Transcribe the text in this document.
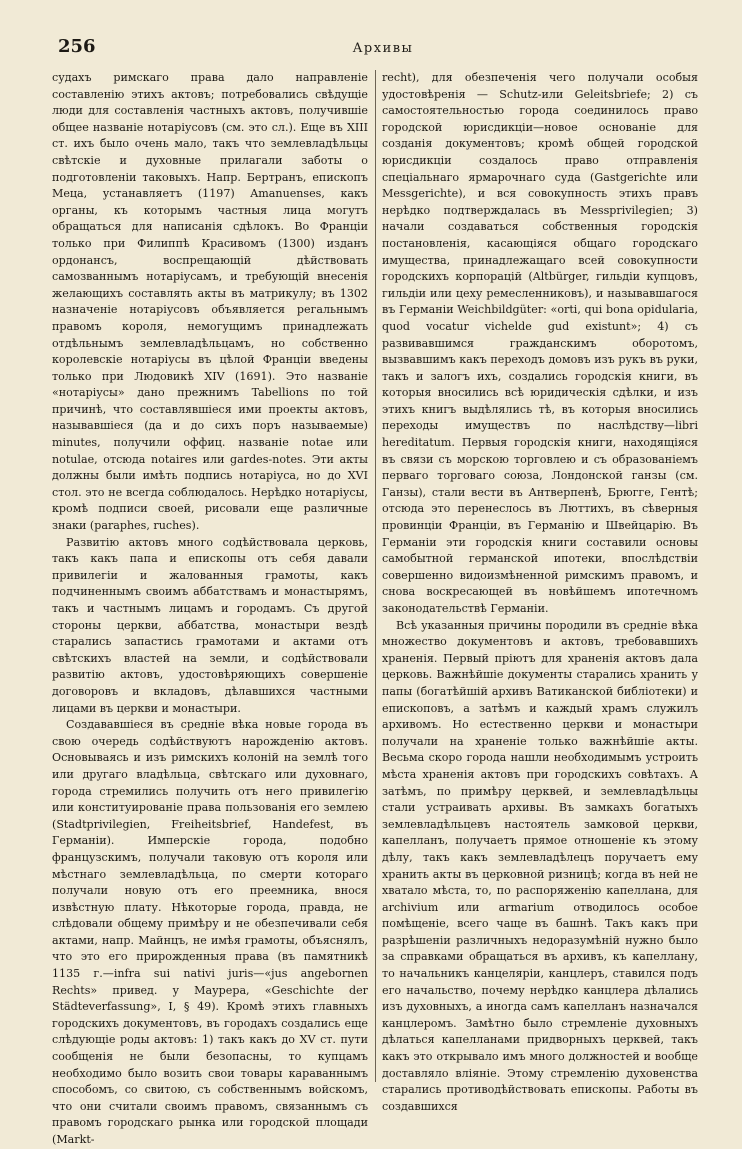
256	Архивы

судахъ римскаго права дало направленіе составленію этихъ актовъ; потребовались свѣдущіе люди для составленія частныхъ актовъ, получившіе общее названіе нотаріусовъ (см. это сл.). Еще въ XIII ст. ихъ было очень мало, такъ что землевладѣльцы свѣтскіе и духовные прилагали заботы о подготовленіи таковыхъ. Напр. Бертранъ, епископъ Меца, устанавляетъ (1197) Amanuenses, какъ органы, къ которымъ частныя лица могутъ обращаться для написанія сдѣлокъ. Во Франціи только при Филиппѣ Красивомъ (1300) изданъ ордонансъ, воспрещающій дѣйствовать самозваннымъ нотаріусамъ, и требующій внесенія желающихъ составлять акты въ матрикулу; въ 1302 назначеніе нотаріусовъ объявляется регальнымъ правомъ короля, немогущимъ принадлежать отдѣльнымъ землевладѣльцамъ, но собственно королевскіе нотаріусы въ цѣлой Франціи введены только при Людовикѣ XIV (1691). Это названіе «нотаріусы» дано прежнимъ Tabellions по той причинѣ, что составлявшіеся ими проекты актовъ, называвшіеся (да и до сихъ поръ называемые) minutes, получили оффиц. названіе notae или notulae, отсюда notaires или gardes-notes. Эти акты должны были имѣть подпись нотаріуса, но до XVI стол. это не всегда соблюдалось. Нерѣдко нотаріусы, кромѣ подписи своей, рисовали еще различные знаки (paraphes, ruches).

Развитію актовъ много содѣйствовала церковь, такъ какъ папа и епископы отъ себя давали привилегіи и жалованныя грамоты, какъ подчиненнымъ своимъ аббатствамъ и монастырямъ, такъ и частнымъ лицамъ и городамъ. Съ другой стороны церкви, аббатства, монастыри вездѣ старались запастись грамотами и актами отъ свѣтскихъ властей на земли, и содѣйствовали развитію актовъ, удостовѣряющихъ совершеніе договоровъ и вкладовъ, дѣлавшихся частными лицами въ церкви и монастыри.

Создававшіеся въ средніе вѣка новые города въ свою очередь содѣйствуютъ нарожденію актовъ. Основываясь и изъ римскихъ колоній на землѣ того или другаго владѣльца, свѣтскаго или духовнаго, города стремились получить отъ него привилегію или конституированіе права пользованія его землею (Stadtprivilegien, Freiheitsbrief, Handefest, въ Германіи). Имперскіе города, подобно французскимъ, получали таковую отъ короля или мѣстнаго землевладѣльца, по смерти котораго получали новую отъ его преемника, внося извѣстную плату. Нѣкоторые города, правда, не слѣдовали общему примѣру и не обезпечивали себя актами, напр. Майнцъ, не имѣя грамоты, объяснялъ, что это его прирожденныя права (въ памятникѣ 1135 г.—infra sui nativi juris—«jus angebornen Rechts» привед. у Маурера, «Geschichte der Städteverfassung», I, § 49). Кромѣ этихъ главныхъ городскихъ документовъ, въ городахъ создались еще слѣдующіе роды актовъ: 1) такъ какъ до XV ст. пути сообщенія не были безопасны, то купцамъ необходимо было возить свои товары караваннымъ способомъ, со свитою, съ собственнымъ войскомъ, что они считали своимъ правомъ, связаннымъ съ правомъ городскаго рынка или городской площади (Markt-

recht), для обезпеченія чего получали особыя удостовѣренія — Schutz-или Geleitsbriefe; 2) съ самостоятельностью города соединилось право городской юрисдикціи—новое основаніе для созданія документовъ; кромѣ общей городской юрисдикціи создалось право отправленія спеціальнаго ярмарочнаго суда (Gastgerichte или Messgerichte), и вся совокупность этихъ правъ нерѣдко подтверждалась въ Messprivilegien; 3) начали создаваться собственныя городскія постановленія, касающіяся общаго городскаго имущества, принадлежащаго всей совокупности городскихъ корпорацій (Altbürger, гильдіи купцовъ, гильдіи или цеху ремесленниковъ), и называвшагося въ Германіи Weichbildgüter: «orti, qui bona opidularia, quod vocatur vichelde gud existunt»; 4) съ развивавшимся гражданскимъ оборотомъ, вызвавшимъ какъ переходъ домовъ изъ рукъ въ руки, такъ и залогъ ихъ, создались городскія книги, въ которыя вносились всѣ юридическія сдѣлки, и изъ этихъ книгъ выдѣлялись тѣ, въ которыя вносились переходы имуществъ по наслѣдству—libri hereditatum. Первыя городскія книги, находящіяся въ связи съ морскою торговлею и съ образованіемъ перваго торговаго союза, Лондонской ганзы (см. Ганзы), стали вести въ Антверпенѣ, Брюгге, Гентѣ; отсюда это перенеслось въ Люттихъ, въ сѣверныя провинціи Франціи, въ Германію и Швейцарію. Въ Германіи эти городскія книги составили основы самобытной германской ипотеки, впослѣдствіи совершенно видоизмѣненной римскимъ правомъ, и снова воскресающей въ новѣйшемъ ипотечномъ законодательствѣ Германіи.

Всѣ указанныя причины породили въ средніе вѣка множество документовъ и актовъ, требовавшихъ храненія. Первый пріютъ для храненія актовъ дала церковь. Важнѣйшіе документы старались хранить у папы (богатѣйшій архивъ Ватиканской библіотеки) и епископовъ, а затѣмъ и каждый храмъ служилъ архивомъ. Но естественно церкви и монастыри получали на храненіе только важнѣйшіе акты. Весьма скоро города нашли необходимымъ устроить мѣста храненія актовъ при городскихъ совѣтахъ. А затѣмъ, по примѣру церквей, и землевладѣльцы стали устраивать архивы. Въ замкахъ богатыхъ землевладѣльцевъ настоятель замковой церкви, капелланъ, получаетъ прямое отношеніе къ этому дѣлу, такъ какъ землевладѣлецъ поручаетъ ему хранить акты въ церковной ризницѣ; когда въ ней не хватало мѣста, то, по распоряженію капеллана, для archivium или armarium отводилось особое помѣщеніе, всего чаще въ башнѣ. Такъ какъ при разрѣшеніи различныхъ недоразумѣній нужно было за справками обращаться въ архивъ, къ капеллану, то начальникъ канцеляріи, канцлеръ, ставился подъ его начальство, почему нерѣдко канцлера дѣлались изъ духовныхъ, а иногда самъ капелланъ назначался канцлеромъ. Замѣтно было стремленіе духовныхъ дѣлаться капелланами придворныхъ церквей, такъ какъ это открывало имъ много должностей и вообще доставляло вліяніе. Этому стремленію духовенства старались противодѣйствовать епископы. Работы въ создавшихся
